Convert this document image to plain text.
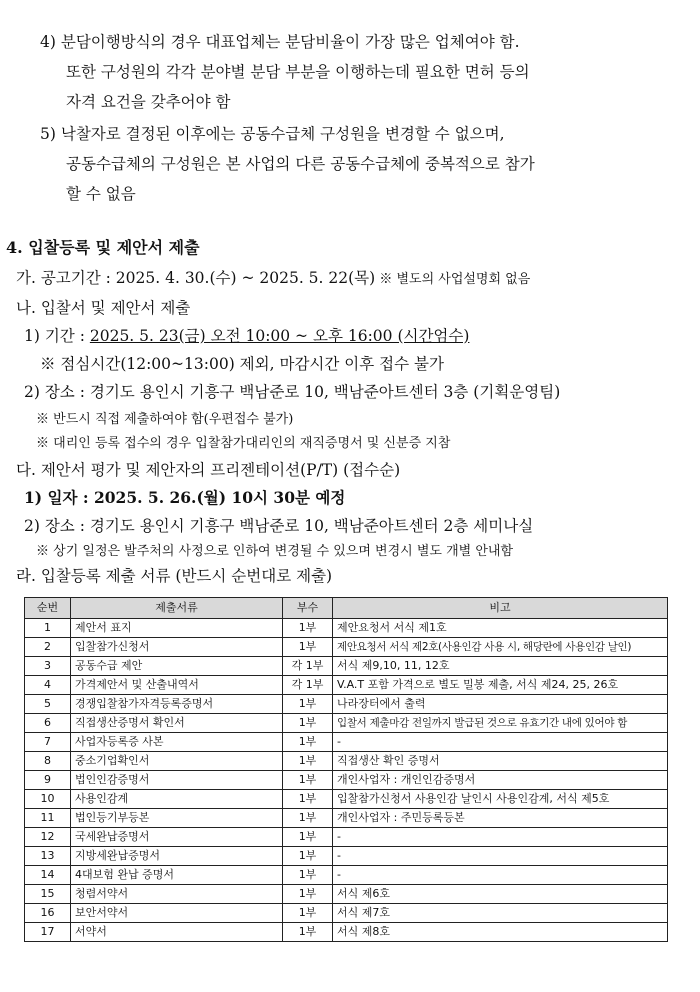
4) 분담이행방식의 경우 대표업체는 분담비율이 가장 많은 업체여야 함.
또한 구성원의 각각 분야별 분담 부분을 이행하는데 필요한 면허 등의
자격 요건을 갖추어야 함
5) 낙찰자로 결정된 이후에는 공동수급체 구성원을 변경할 수 없으며,
공동수급체의 구성원은 본 사업의 다른 공동수급체에 중복적으로 참가
할 수 없음
4. 입찰등록 및 제안서 제출
가. 공고기간 : 2025. 4. 30.(수) ~ 2025. 5. 22(목) ※ 별도의 사업설명회 없음
나. 입찰서 및 제안서 제출
1) 기간 : 2025. 5. 23(금) 오전 10:00 ~ 오후 16:00 (시간엄수)
※ 점심시간(12:00~13:00) 제외, 마감시간 이후 접수 불가
2) 장소 : 경기도 용인시 기흥구 백남준로 10, 백남준아트센터 3층 (기획운영팀)
※ 반드시 직접 제출하여야 함(우편접수 불가)
※ 대리인 등록 접수의 경우 입찰참가대리인의 재직증명서 및 신분증 지참
다. 제안서 평가 및 제안자의 프리젠테이션(P/T) (접수순)
1) 일자 : 2025. 5. 26.(월) 10시 30분 예정
2) 장소 : 경기도 용인시 기흥구 백남준로 10, 백남준아트센터 2층 세미나실
※ 상기 일정은 발주처의 사정으로 인하여 변경될 수 있으며 변경시 별도 개별 안내함
라. 입찰등록 제출 서류 (반드시 순번대로 제출)
순번	제출서류	부수	비고
1	제안서 표지	1부	제안요청서 서식 제1호
2	입찰참가신청서	1부	제안요청서 서식 제2호(사용인감 사용 시, 해당란에 사용인감 날인)
3	공동수급 제안	각 1부	서식 제9,10, 11, 12호
4	가격제안서 및 산출내역서	각 1부	V.A.T 포함 가격으로 별도 밀봉 제출, 서식 제24, 25, 26호
5	경쟁입찰참가자격등록증명서	1부	나라장터에서 출력
6	직접생산증명서 확인서	1부	입찰서 제출마감 전일까지 발급된 것으로 유효기간 내에 있어야 함
7	사업자등록증 사본	1부	-
8	중소기업확인서	1부	직접생산 확인 증명서
9	법인인감증명서	1부	개인사업자 : 개인인감증명서
10	사용인감계	1부	입찰참가신청서 사용인감 날인시 사용인감계, 서식 제5호
11	법인등기부등본	1부	개인사업자 : 주민등록등본
12	국세완납증명서	1부	-
13	지방세완납증명서	1부	-
14	4대보험 완납 증명서	1부	-
15	청렴서약서	1부	서식 제6호
16	보안서약서	1부	서식 제7호
17	서약서	1부	서식 제8호
